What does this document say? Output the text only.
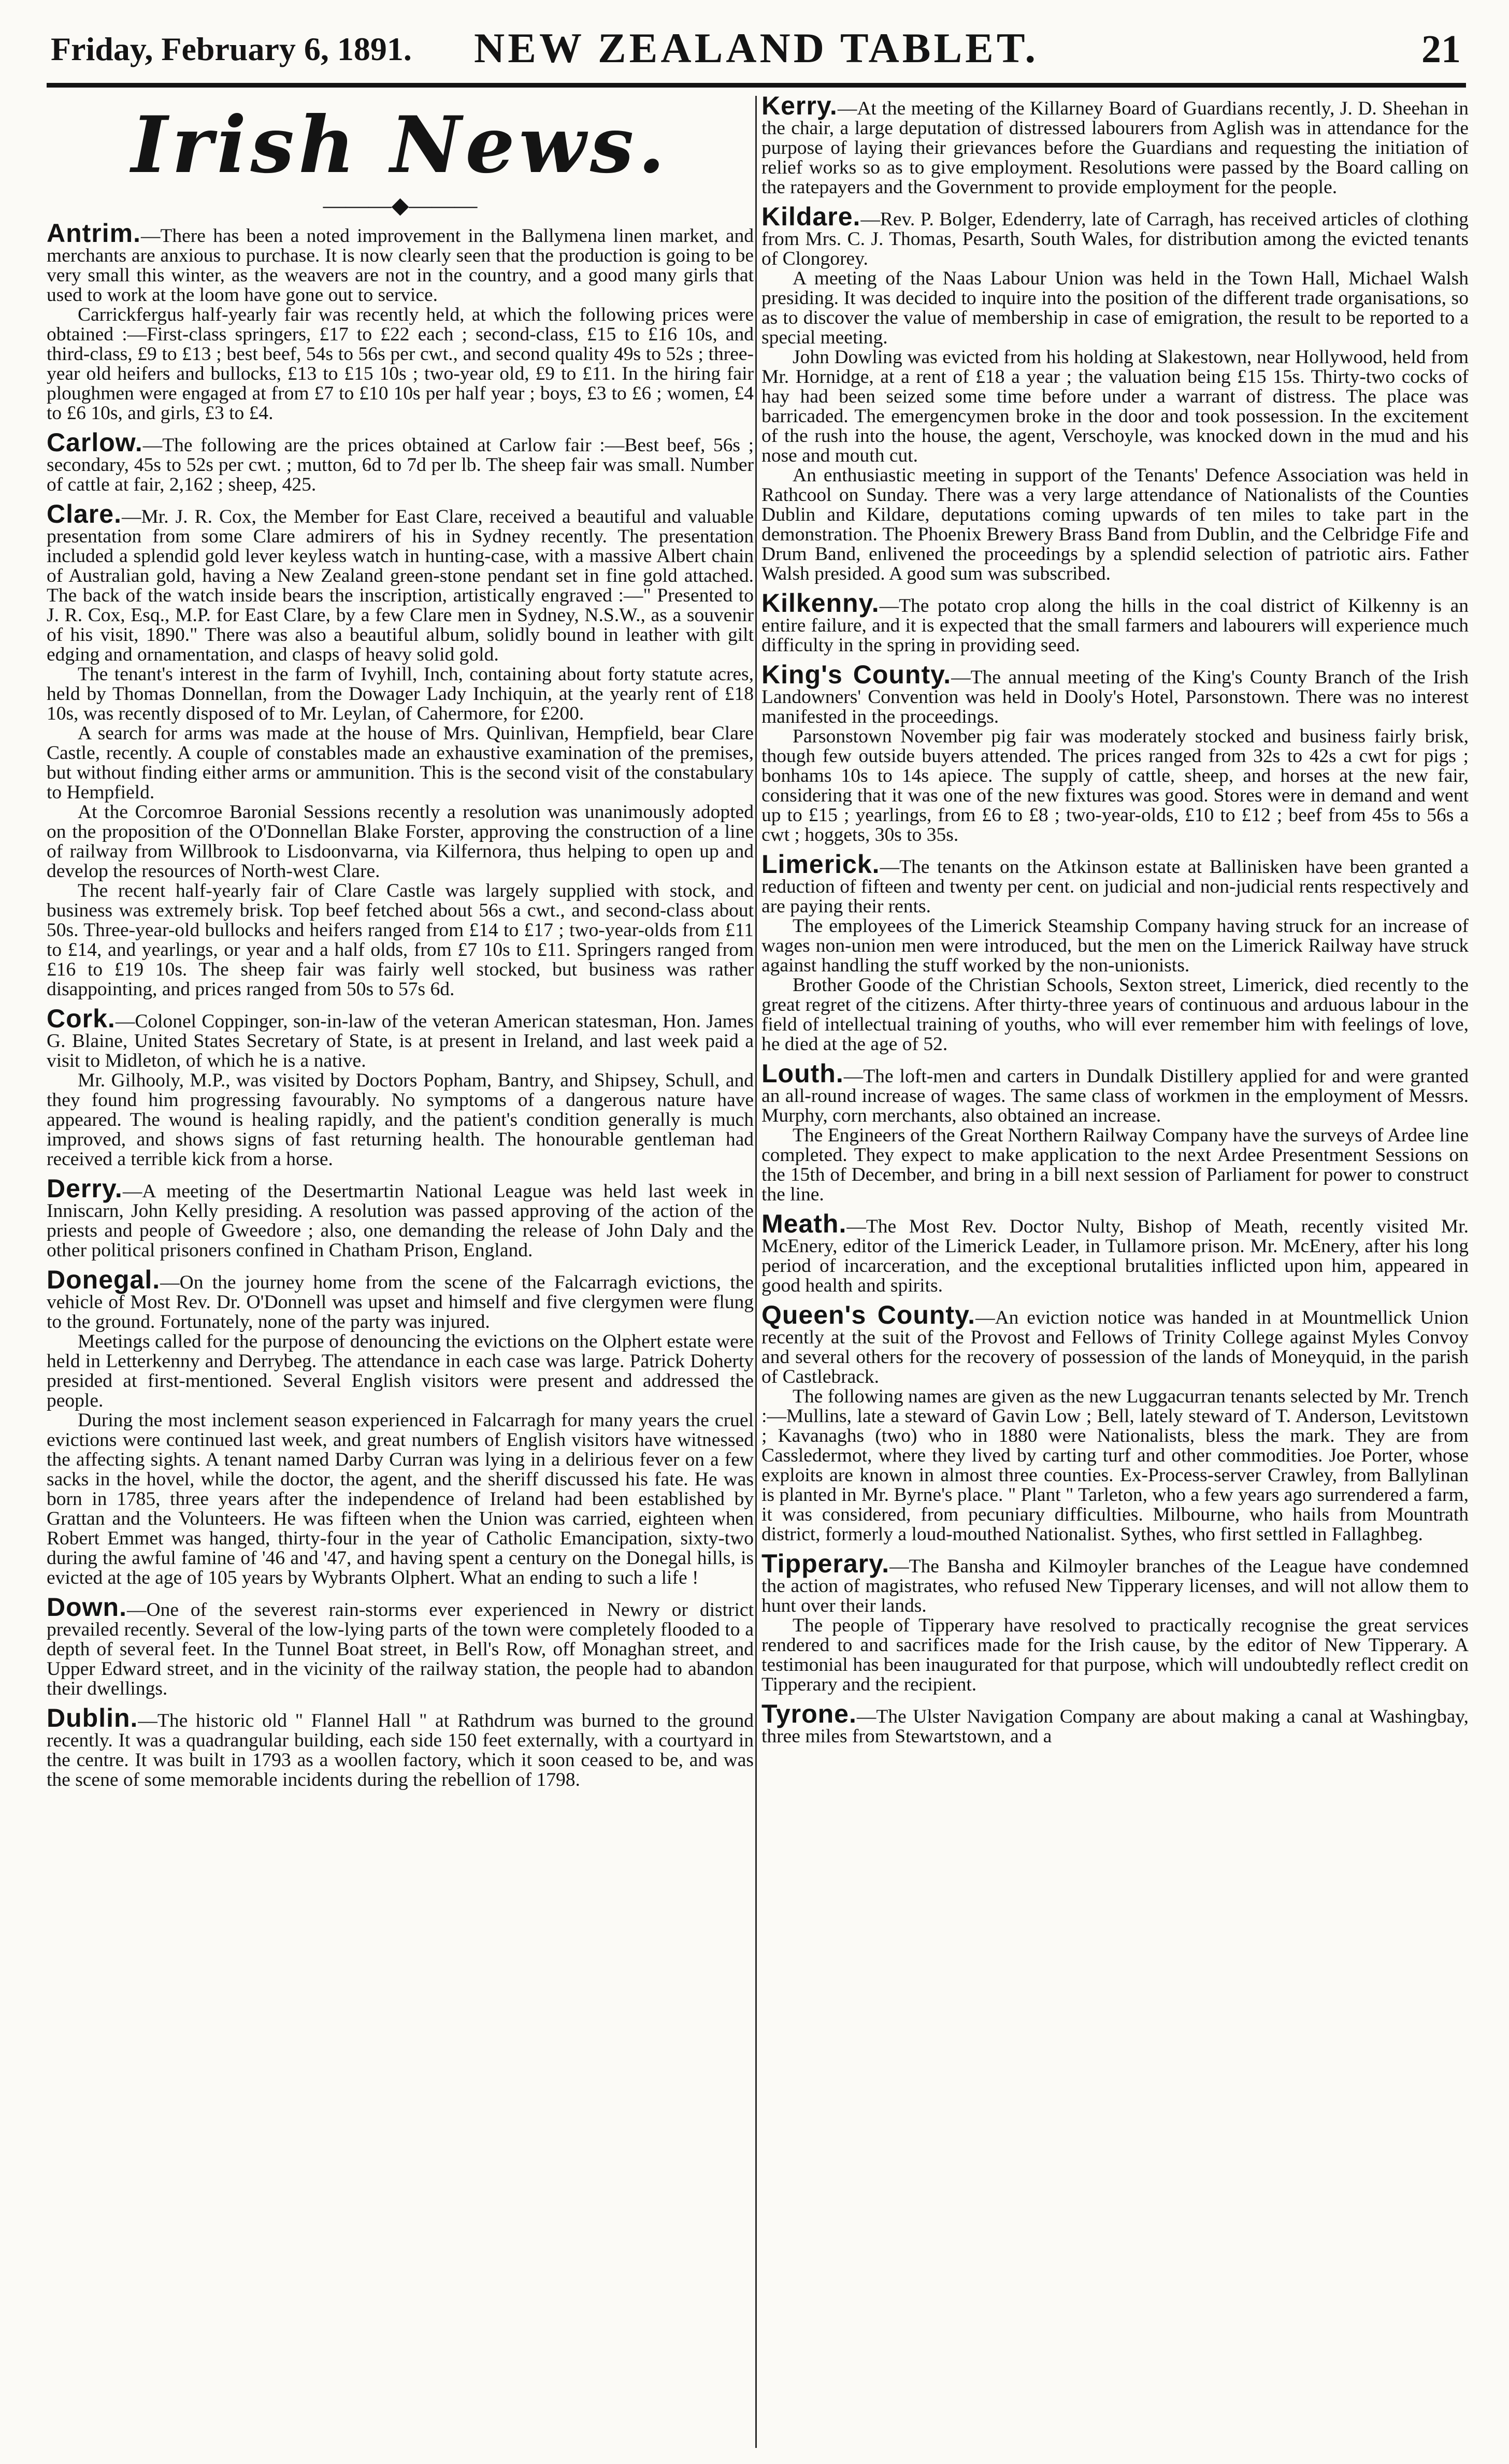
Friday, February 6, 1891.	NEW ZEALAND TABLET.	21
Irish News.
———◆———

Antrim.—There has been a noted improvement in the Ballymena linen market, and merchants are anxious to purchase. It is now clearly seen that the production is going to be very small this winter, as the weavers are not in the country, and a good many girls that used to work at the loom have gone out to service.

Carrickfergus half-yearly fair was recently held, at which the following prices were obtained :—First-class springers, £17 to £22 each ; second-class, £15 to £16 10s, and third-class, £9 to £13 ; best beef, 54s to 56s per cwt., and second quality 49s to 52s ; three-year old heifers and bullocks, £13 to £15 10s ; two-year old, £9 to £11. In the hiring fair ploughmen were engaged at from £7 to £10 10s per half year ; boys, £3 to £6 ; women, £4 to £6 10s, and girls, £3 to £4.

Carlow.—The following are the prices obtained at Carlow fair :—Best beef, 56s ; secondary, 45s to 52s per cwt. ; mutton, 6d to 7d per lb. The sheep fair was small. Number of cattle at fair, 2,162 ; sheep, 425.

Clare.—Mr. J. R. Cox, the Member for East Clare, received a beautiful and valuable presentation from some Clare admirers of his in Sydney recently. The presentation included a splendid gold lever keyless watch in hunting-case, with a massive Albert chain of Australian gold, having a New Zealand green-stone pendant set in fine gold attached. The back of the watch inside bears the inscription, artistically engraved :—" Presented to J. R. Cox, Esq., M.P. for East Clare, by a few Clare men in Sydney, N.S.W., as a souvenir of his visit, 1890." There was also a beautiful album, solidly bound in leather with gilt edging and ornamentation, and clasps of heavy solid gold.

The tenant's interest in the farm of Ivyhill, Inch, containing about forty statute acres, held by Thomas Donnellan, from the Dowager Lady Inchiquin, at the yearly rent of £18 10s, was recently disposed of to Mr. Leylan, of Cahermore, for £200.

A search for arms was made at the house of Mrs. Quinlivan, Hempfield, bear Clare Castle, recently. A couple of constables made an exhaustive examination of the premises, but without finding either arms or ammunition. This is the second visit of the constabulary to Hempfield.

At the Corcomroe Baronial Sessions recently a resolution was unanimously adopted on the proposition of the O'Donnellan Blake Forster, approving the construction of a line of railway from Willbrook to Lisdoonvarna, via Kilfernora, thus helping to open up and develop the resources of North-west Clare.

The recent half-yearly fair of Clare Castle was largely supplied with stock, and business was extremely brisk. Top beef fetched about 56s a cwt., and second-class about 50s. Three-year-old bullocks and heifers ranged from £14 to £17 ; two-year-olds from £11 to £14, and yearlings, or year and a half olds, from £7 10s to £11. Springers ranged from £16 to £19 10s. The sheep fair was fairly well stocked, but business was rather disappointing, and prices ranged from 50s to 57s 6d.

Cork.—Colonel Coppinger, son-in-law of the veteran American statesman, Hon. James G. Blaine, United States Secretary of State, is at present in Ireland, and last week paid a visit to Midleton, of which he is a native.

Mr. Gilhooly, M.P., was visited by Doctors Popham, Bantry, and Shipsey, Schull, and they found him progressing favourably. No symptoms of a dangerous nature have appeared. The wound is healing rapidly, and the patient's condition generally is much improved, and shows signs of fast returning health. The honourable gentleman had received a terrible kick from a horse.

Derry.—A meeting of the Desertmartin National League was held last week in Inniscarn, John Kelly presiding. A resolution was passed approving of the action of the priests and people of Gweedore ; also, one demanding the release of John Daly and the other political prisoners confined in Chatham Prison, England.

Donegal.—On the journey home from the scene of the Falcarragh evictions, the vehicle of Most Rev. Dr. O'Donnell was upset and himself and five clergymen were flung to the ground. Fortunately, none of the party was injured.

Meetings called for the purpose of denouncing the evictions on the Olphert estate were held in Letterkenny and Derrybeg. The attendance in each case was large. Patrick Doherty presided at first-mentioned. Several English visitors were present and addressed the people.

During the most inclement season experienced in Falcarragh for many years the cruel evictions were continued last week, and great numbers of English visitors have witnessed the affecting sights. A tenant named Darby Curran was lying in a delirious fever on a few sacks in the hovel, while the doctor, the agent, and the sheriff discussed his fate. He was born in 1785, three years after the independence of Ireland had been established by Grattan and the Volunteers. He was fifteen when the Union was carried, eighteen when Robert Emmet was hanged, thirty-four in the year of Catholic Emancipation, sixty-two during the awful famine of '46 and '47, and having spent a century on the Donegal hills, is evicted at the age of 105 years by Wybrants Olphert. What an ending to such a life !

Down.—One of the severest rain-storms ever experienced in Newry or district prevailed recently. Several of the low-lying parts of the town were completely flooded to a depth of several feet. In the Tunnel Boat street, in Bell's Row, off Monaghan street, and Upper Edward street, and in the vicinity of the railway station, the people had to abandon their dwellings.

Dublin.—The historic old " Flannel Hall " at Rathdrum was burned to the ground recently. It was a quadrangular building, each side 150 feet externally, with a courtyard in the centre. It was built in 1793 as a woollen factory, which it soon ceased to be, and was the scene of some memorable incidents during the rebellion of 1798.

Kerry.—At the meeting of the Killarney Board of Guardians recently, J. D. Sheehan in the chair, a large deputation of distressed labourers from Aglish was in attendance for the purpose of laying their grievances before the Guardians and requesting the initiation of relief works so as to give employment. Resolutions were passed by the Board calling on the ratepayers and the Government to provide employment for the people.

Kildare.—Rev. P. Bolger, Edenderry, late of Carragh, has received articles of clothing from Mrs. C. J. Thomas, Pesarth, South Wales, for distribution among the evicted tenants of Clongorey.

A meeting of the Naas Labour Union was held in the Town Hall, Michael Walsh presiding. It was decided to inquire into the position of the different trade organisations, so as to discover the value of membership in case of emigration, the result to be reported to a special meeting.

John Dowling was evicted from his holding at Slakestown, near Hollywood, held from Mr. Hornidge, at a rent of £18 a year ; the valuation being £15 15s. Thirty-two cocks of hay had been seized some time before under a warrant of distress. The place was barricaded. The emergencymen broke in the door and took possession. In the excitement of the rush into the house, the agent, Verschoyle, was knocked down in the mud and his nose and mouth cut.

An enthusiastic meeting in support of the Tenants' Defence Association was held in Rathcool on Sunday. There was a very large attendance of Nationalists of the Counties Dublin and Kildare, deputations coming upwards of ten miles to take part in the demonstration. The Phoenix Brewery Brass Band from Dublin, and the Celbridge Fife and Drum Band, enlivened the proceedings by a splendid selection of patriotic airs. Father Walsh presided. A good sum was subscribed.

Kilkenny.—The potato crop along the hills in the coal district of Kilkenny is an entire failure, and it is expected that the small farmers and labourers will experience much difficulty in the spring in providing seed.

King's County.—The annual meeting of the King's County Branch of the Irish Landowners' Convention was held in Dooly's Hotel, Parsonstown. There was no interest manifested in the proceedings.

Parsonstown November pig fair was moderately stocked and business fairly brisk, though few outside buyers attended. The prices ranged from 32s to 42s a cwt for pigs ; bonhams 10s to 14s apiece. The supply of cattle, sheep, and horses at the new fair, considering that it was one of the new fixtures was good. Stores were in demand and went up to £15 ; yearlings, from £6 to £8 ; two-year-olds, £10 to £12 ; beef from 45s to 56s a cwt ; hoggets, 30s to 35s.

Limerick.—The tenants on the Atkinson estate at Ballinisken have been granted a reduction of fifteen and twenty per cent. on judicial and non-judicial rents respectively and are paying their rents.

The employees of the Limerick Steamship Company having struck for an increase of wages non-union men were introduced, but the men on the Limerick Railway have struck against handling the stuff worked by the non-unionists.

Brother Goode of the Christian Schools, Sexton street, Limerick, died recently to the great regret of the citizens. After thirty-three years of continuous and arduous labour in the field of intellectual training of youths, who will ever remember him with feelings of love, he died at the age of 52.

Louth.—The loft-men and carters in Dundalk Distillery applied for and were granted an all-round increase of wages. The same class of workmen in the employment of Messrs. Murphy, corn merchants, also obtained an increase.

The Engineers of the Great Northern Railway Company have the surveys of Ardee line completed. They expect to make application to the next Ardee Presentment Sessions on the 15th of December, and bring in a bill next session of Parliament for power to construct the line.

Meath.—The Most Rev. Doctor Nulty, Bishop of Meath, recently visited Mr. McEnery, editor of the Limerick Leader, in Tullamore prison. Mr. McEnery, after his long period of incarceration, and the exceptional brutalities inflicted upon him, appeared in good health and spirits.

Queen's County.—An eviction notice was handed in at Mountmellick Union recently at the suit of the Provost and Fellows of Trinity College against Myles Convoy and several others for the recovery of possession of the lands of Moneyquid, in the parish of Castlebrack.

The following names are given as the new Luggacurran tenants selected by Mr. Trench :—Mullins, late a steward of Gavin Low ; Bell, lately steward of T. Anderson, Levitstown ; Kavanaghs (two) who in 1880 were Nationalists, bless the mark. They are from Cassledermot, where they lived by carting turf and other commodities. Joe Porter, whose exploits are known in almost three counties. Ex-Process-server Crawley, from Ballylinan is planted in Mr. Byrne's place. " Plant " Tarleton, who a few years ago surrendered a farm, it was considered, from pecuniary difficulties. Milbourne, who hails from Mountrath district, formerly a loud-mouthed Nationalist. Sythes, who first settled in Fallaghbeg.

Tipperary.—The Bansha and Kilmoyler branches of the League have condemned the action of magistrates, who refused New Tipperary licenses, and will not allow them to hunt over their lands.

The people of Tipperary have resolved to practically recognise the great services rendered to and sacrifices made for the Irish cause, by the editor of New Tipperary. A testimonial has been inaugurated for that purpose, which will undoubtedly reflect credit on Tipperary and the recipient.

Tyrone.—The Ulster Navigation Company are about making a canal at Washingbay, three miles from Stewartstown, and a
